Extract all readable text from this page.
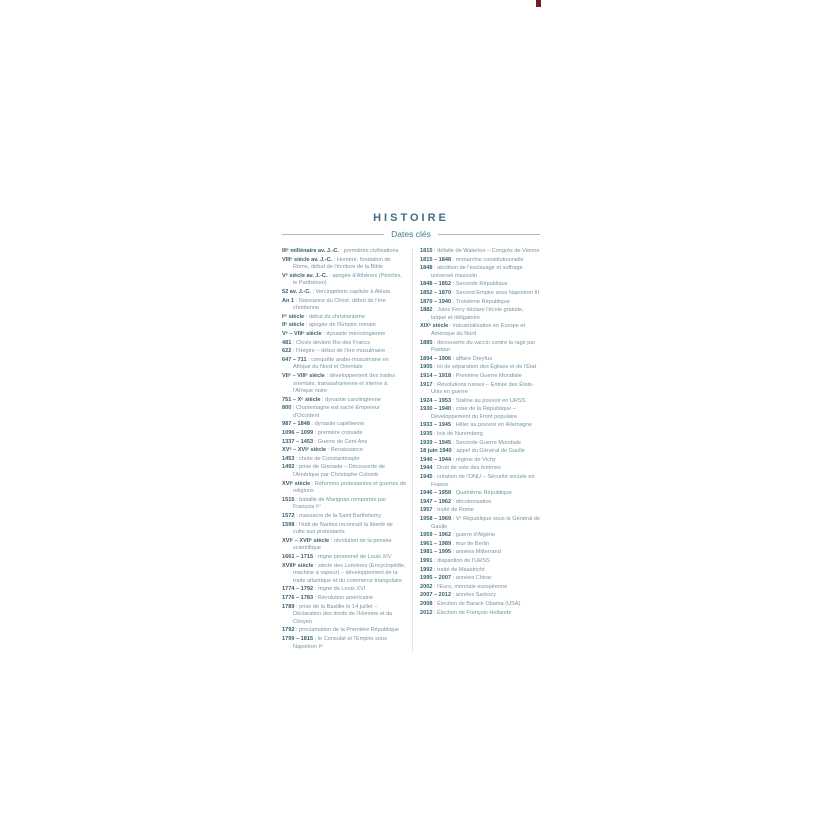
HISTOIRE
Dates clés
IIIᵉ millénaire av. J.-C. : premières civilisations
VIIIᵉ siècle av. J.-C. : Homère, fondation de Rome, début de l'écriture de la Bible
Vᵉ siècle av. J.-C. : apogée d'Athènes (Périclès, le Parthénon)
52 av. J.-C. : Vercingétorix capitule à Alésia
An 1 : Naissance du Christ, début de l'ère chrétienne
Iᵉʳ siècle : début du christianisme
IIᵉ siècle : apogée de l'Empire romain
Vᵉ – VIIIᵉ siècle : dynastie mérovingienne
481 : Clovis devient Roi des Francs
622 : l'Hégire – début de l'ère musulmane
647 – 711 : conquête arabo-musulmane en Afrique du Nord et Orientale
VIIᵉ – VIIIᵉ siècle : développement des traites orientale, transsaharienne et interne à l'Afrique noire
751 – Xᵉ siècle : dynastie carolingienne
800 : Charlemagne est sacré Empereur d'Occident
987 – 1848 : dynastie capétienne
1096 – 1099 : première croisade
1337 – 1453 : Guerre de Cent Ans
XVᵉ – XVIᵉ siècle : Renaissance
1453 : chute de Constantinople
1492 : prise de Grenade – Découverte de l'Amérique par Christophe Colomb
XVIᵉ siècle : Réformes protestantes et guerres de religions
1515 : bataille de Marignan remportée par François Iᵉʳ
1572 : massacre de la Saint Barthélemy
1598 : l'édit de Nantes reconnaît la liberté de culte aux protestants
XVIᵉ – XVIIᵉ siècle : révolution de la pensée scientifique
1661 – 1715 : règne personnel de Louis XIV
XVIIIᵉ siècle : siècle des Lumières (Encyclopédie, machine à vapeur) – développement de la traite atlantique et du commerce triangulaire
1774 – 1792 : règne de Louis XVI
1776 – 1783 : Révolution américaine
1789 : prise de la Bastille le 14 juillet – Déclaration des droits de l'Homme et du Citoyen
1792 : proclamation de la Première République
1799 – 1815 : le Consulat et l'Empire sous Napoléon Iᵉʳ
1815 : défaite de Waterloo – Congrès de Vienne
1815 – 1848 : monarchie constitutionnelle
1848 : abolition de l'esclavage et suffrage universel masculin
1848 – 1852 : Seconde République
1852 – 1870 : Second Empire sous Napoléon III
1870 – 1940 : Troisième République
1882 : Jules Ferry déclare l'école gratuite, laïque et obligatoire
XIXᵉ siècle : industrialisation en Europe et Amérique du Nord
1885 : découverte du vaccin contre la rage par Pasteur
1894 – 1906 : affaire Dreyfus
1905 : loi de séparation des Églises et de l'État
1914 – 1918 : Première Guerre Mondiale
1917 : Révolutions russes – Entrée des États-Unis en guerre
1924 – 1953 : Staline au pouvoir en URSS
1930 – 1940 : crise de la République – Développement du Front populaire
1933 – 1945 : Hitler au pouvoir en Allemagne
1935 : lois de Nuremberg
1939 – 1945 : Seconde Guerre Mondiale
18 juin 1940 : appel du Général de Gaulle
1940 – 1944 : régime de Vichy
1944 : Droit de vote des femmes
1945 : création de l'ONU – Sécurité sociale en France
1946 – 1958 : Quatrième République
1947 – 1962 : décolonisation
1957 : traité de Rome
1958 – 1969 : Vᵉ République sous le Général de Gaulle
1959 – 1962 : guerre d'Algérie
1961 – 1989 : mur de Berlin
1981 – 1995 : années Mitterrand
1991 : disparition de l'URSS
1992 : traité de Maastricht
1995 – 2007 : années Chirac
2002 : l'Euro, monnaie européenne
2007 – 2012 : années Sarkozy
2008 : Élection de Barack Obama (USA)
2012 : Élection de François Hollande
